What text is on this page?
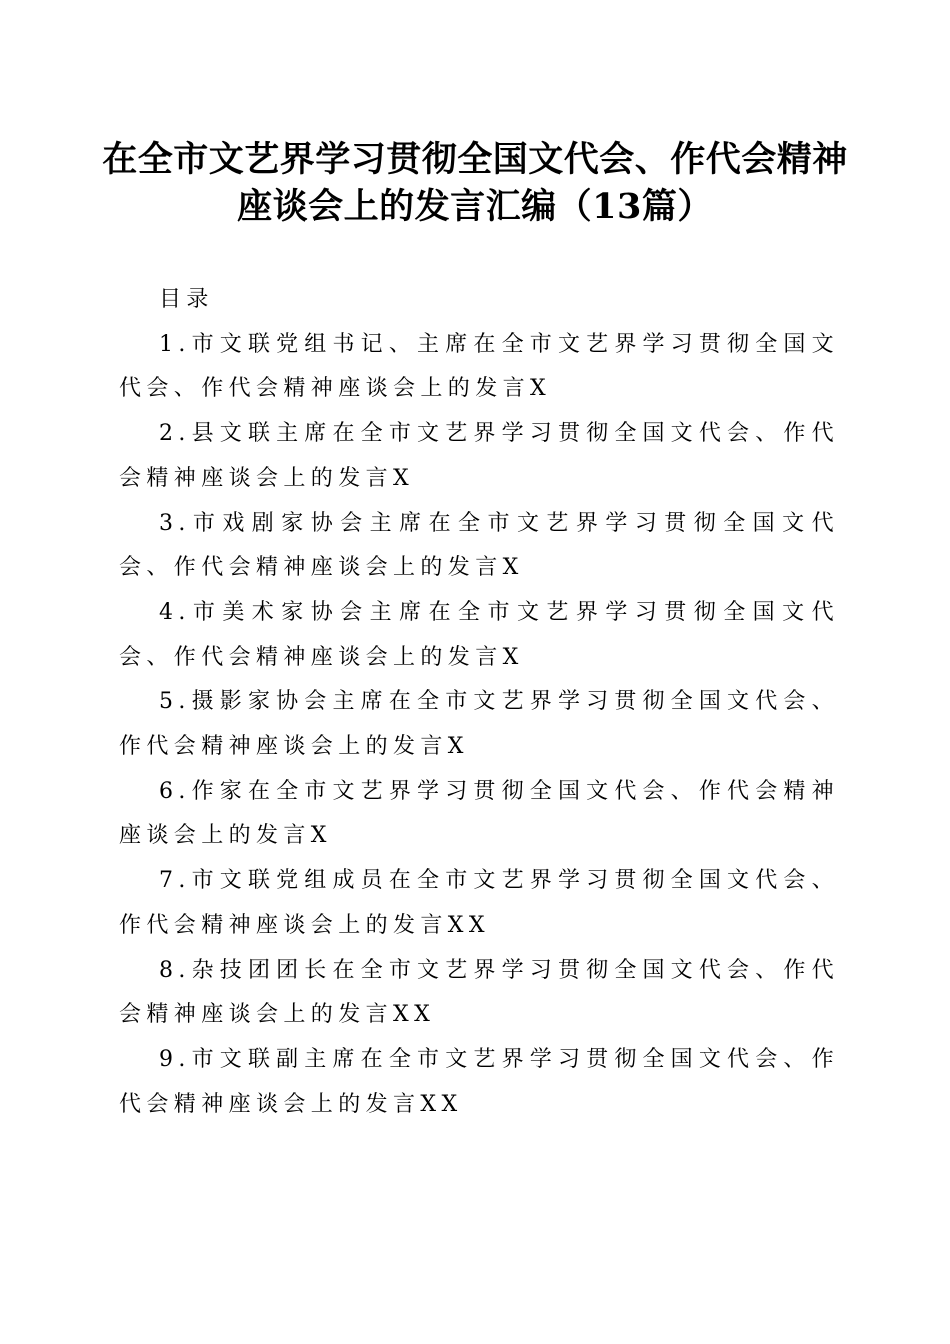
在全市文艺界学习贯彻全国文代会、作代会精神座谈会上的发言汇编（13篇）

目录

1.市文联党组书记、主席在全市文艺界学习贯彻全国文代会、作代会精神座谈会上的发言X
2.县文联主席在全市文艺界学习贯彻全国文代会、作代会精神座谈会上的发言X
3.市戏剧家协会主席在全市文艺界学习贯彻全国文代会、作代会精神座谈会上的发言X
4.市美术家协会主席在全市文艺界学习贯彻全国文代会、作代会精神座谈会上的发言X
5.摄影家协会主席在全市文艺界学习贯彻全国文代会、作代会精神座谈会上的发言X
6.作家在全市文艺界学习贯彻全国文代会、作代会精神座谈会上的发言X
7.市文联党组成员在全市文艺界学习贯彻全国文代会、作代会精神座谈会上的发言XX
8.杂技团团长在全市文艺界学习贯彻全国文代会、作代会精神座谈会上的发言XX
9.市文联副主席在全市文艺界学习贯彻全国文代会、作代会精神座谈会上的发言XX
